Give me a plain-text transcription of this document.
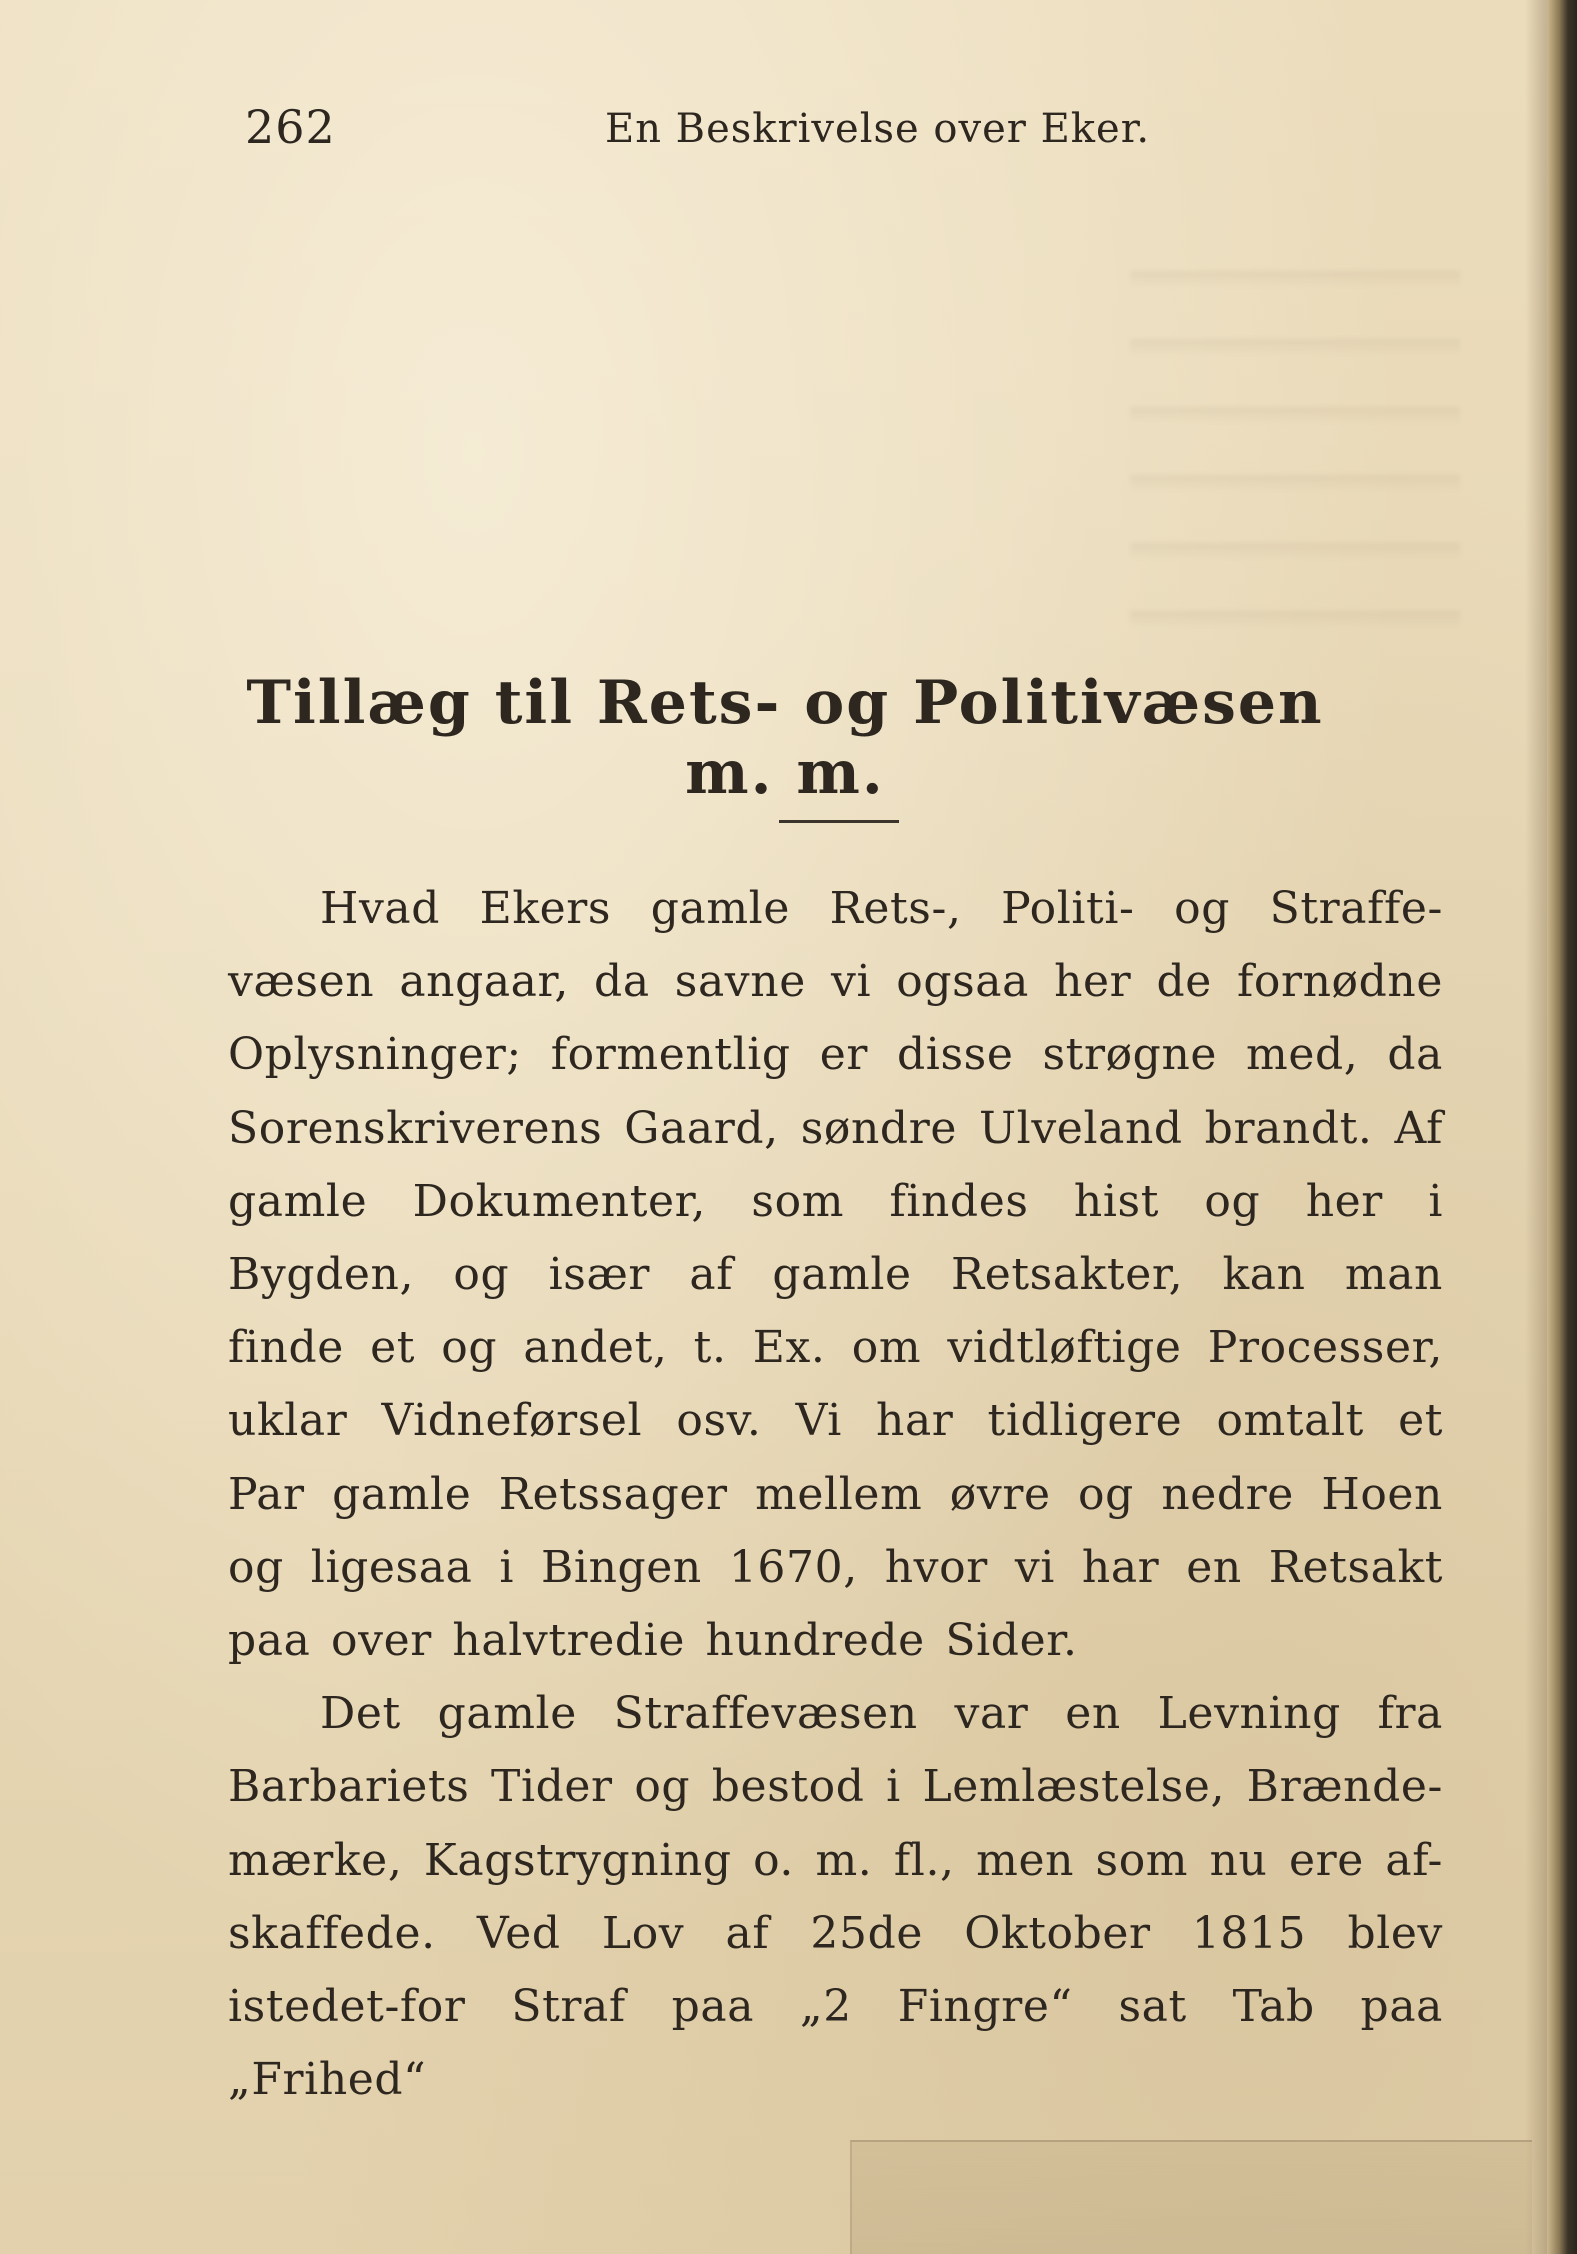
262	En Beskrivelse over Eker.
Tillæg til Rets- og Politivæsen m. m.

Hvad Ekers gamle Rets-, Politi- og Straffe-væsen angaar, da savne vi ogsaa her de fornødne Oplysninger; formentlig er disse strøgne med, da Sorenskriverens Gaard, søndre Ulveland brandt. Af gamle Dokumenter, som findes hist og her i Bygden, og især af gamle Retsakter, kan man finde et og andet, t. Ex. om vidtløftige Processer, uklar Vidneførsel osv. Vi har tidligere omtalt et Par gamle Retssager mellem øvre og nedre Hoen og ligesaa i Bingen 1670, hvor vi har en Retsakt paa over halvtredie hundrede Sider.

Det gamle Straffevæsen var en Levning fra Barbariets Tider og bestod i Lemlæstelse, Brænde-mærke, Kagstrygning o. m. fl., men som nu ere af-skaffede. Ved Lov af 25de Oktober 1815 blev istedet-for Straf paa „2 Fingre“ sat Tab paa „Frihed“
